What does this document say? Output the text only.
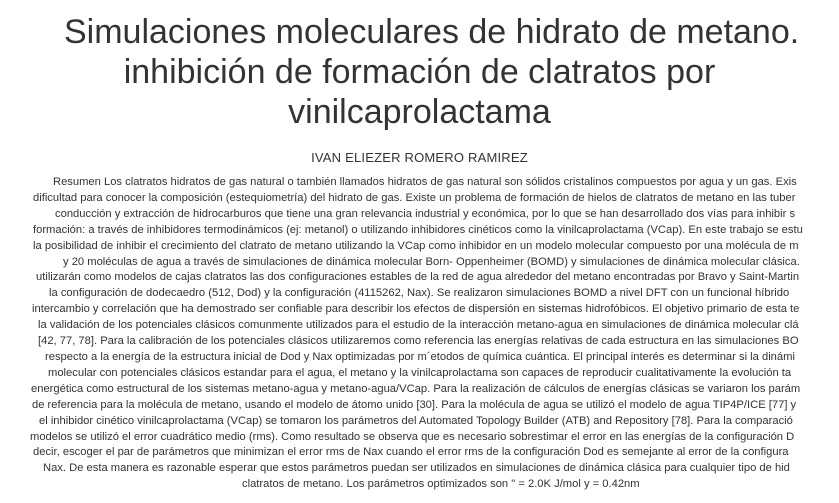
Simulaciones moleculares de hidrato de metano.
inhibición de formación de clatratos por
vinilcaprolactama
IVAN ELIEZER ROMERO RAMIREZ
Resumen Los clatratos hidratos de gas natural o también llamados hidratos de gas natural son sólidos cristalinos compuestos por agua y un gas. Exis
dificultad para conocer la composición (estequiometría) del hidrato de gas. Existe un problema de formación de hielos de clatratos de metano en las tuber
conducción y extracción de hidrocarburos que tiene una gran relevancia industrial y económica, por lo que se han desarrollado dos vías para inhibir s
formación: a través de inhibidores termodinámicos (ej: metanol) o utilizando inhibidores cinéticos como la vinilcaprolactama (VCap). En este trabajo se estu
la posibilidad de inhibir el crecimiento del clatrato de metano utilizando la VCap como inhibidor en un modelo molecular compuesto por una molécula de m
y 20 moléculas de agua a través de simulaciones de dinámica molecular Born- Oppenheimer (BOMD) y simulaciones de dinámica molecular clásica.
utilizarán como modelos de cajas clatratos las dos configuraciones estables de la red de agua alrededor del metano encontradas por Bravo y Saint-Martin
la configuración de dodecaedro (512, Dod) y la configuración (4115262, Nax). Se realizaron simulaciones BOMD a nivel DFT con un funcional híbrido
intercambio y correlación que ha demostrado ser confiable para describir los efectos de dispersión en sistemas hidrofóbicos. El objetivo primario de esta te
la validación de los potenciales clásicos comunmente utilizados para el estudio de la interacción metano-agua en simulaciones de dinámica molecular clá
[42, 77, 78]. Para la calibración de los potenciales clásicos utilizaremos como referencia las energías relativas de cada estructura en las simulaciones BO
respecto a la energía de la estructura inicial de Dod y Nax optimizadas por m´etodos de química cuántica. El principal interés es determinar si la dinámi
molecular con potenciales clásicos estandar para el agua, el metano y la vinilcaprolactama son capaces de reproducir cualitativamente la evolución ta
energética como estructural de los sistemas metano-agua y metano-agua/VCap. Para la realización de cálculos de energías clásicas se variaron los parám
de referencia para la molécula de metano, usando el modelo de átomo unido [30]. Para la molécula de agua se utilizó el modelo de agua TIP4P/ICE [77] y
el inhibidor cinético vinilcaprolactama (VCap) se tomaron los parámetros del Automated Topology Builder (ATB) and Repository [78]. Para la comparació
modelos se utilizó el error cuadrático medio (rms). Como resultado se observa que es necesario sobrestimar el error en las energías de la configuración D
decir, escoger el par de parámetros que minimizan el error rms de Nax cuando el error rms de la configuración Dod es semejante al error de la configura
Nax. De esta manera es razonable esperar que estos parámetros puedan ser utilizados en simulaciones de dinámica clásica para cualquier tipo de hid
clatratos de metano. Los parámetros optimizados son " = 2.0K J/mol y = 0.42nm
